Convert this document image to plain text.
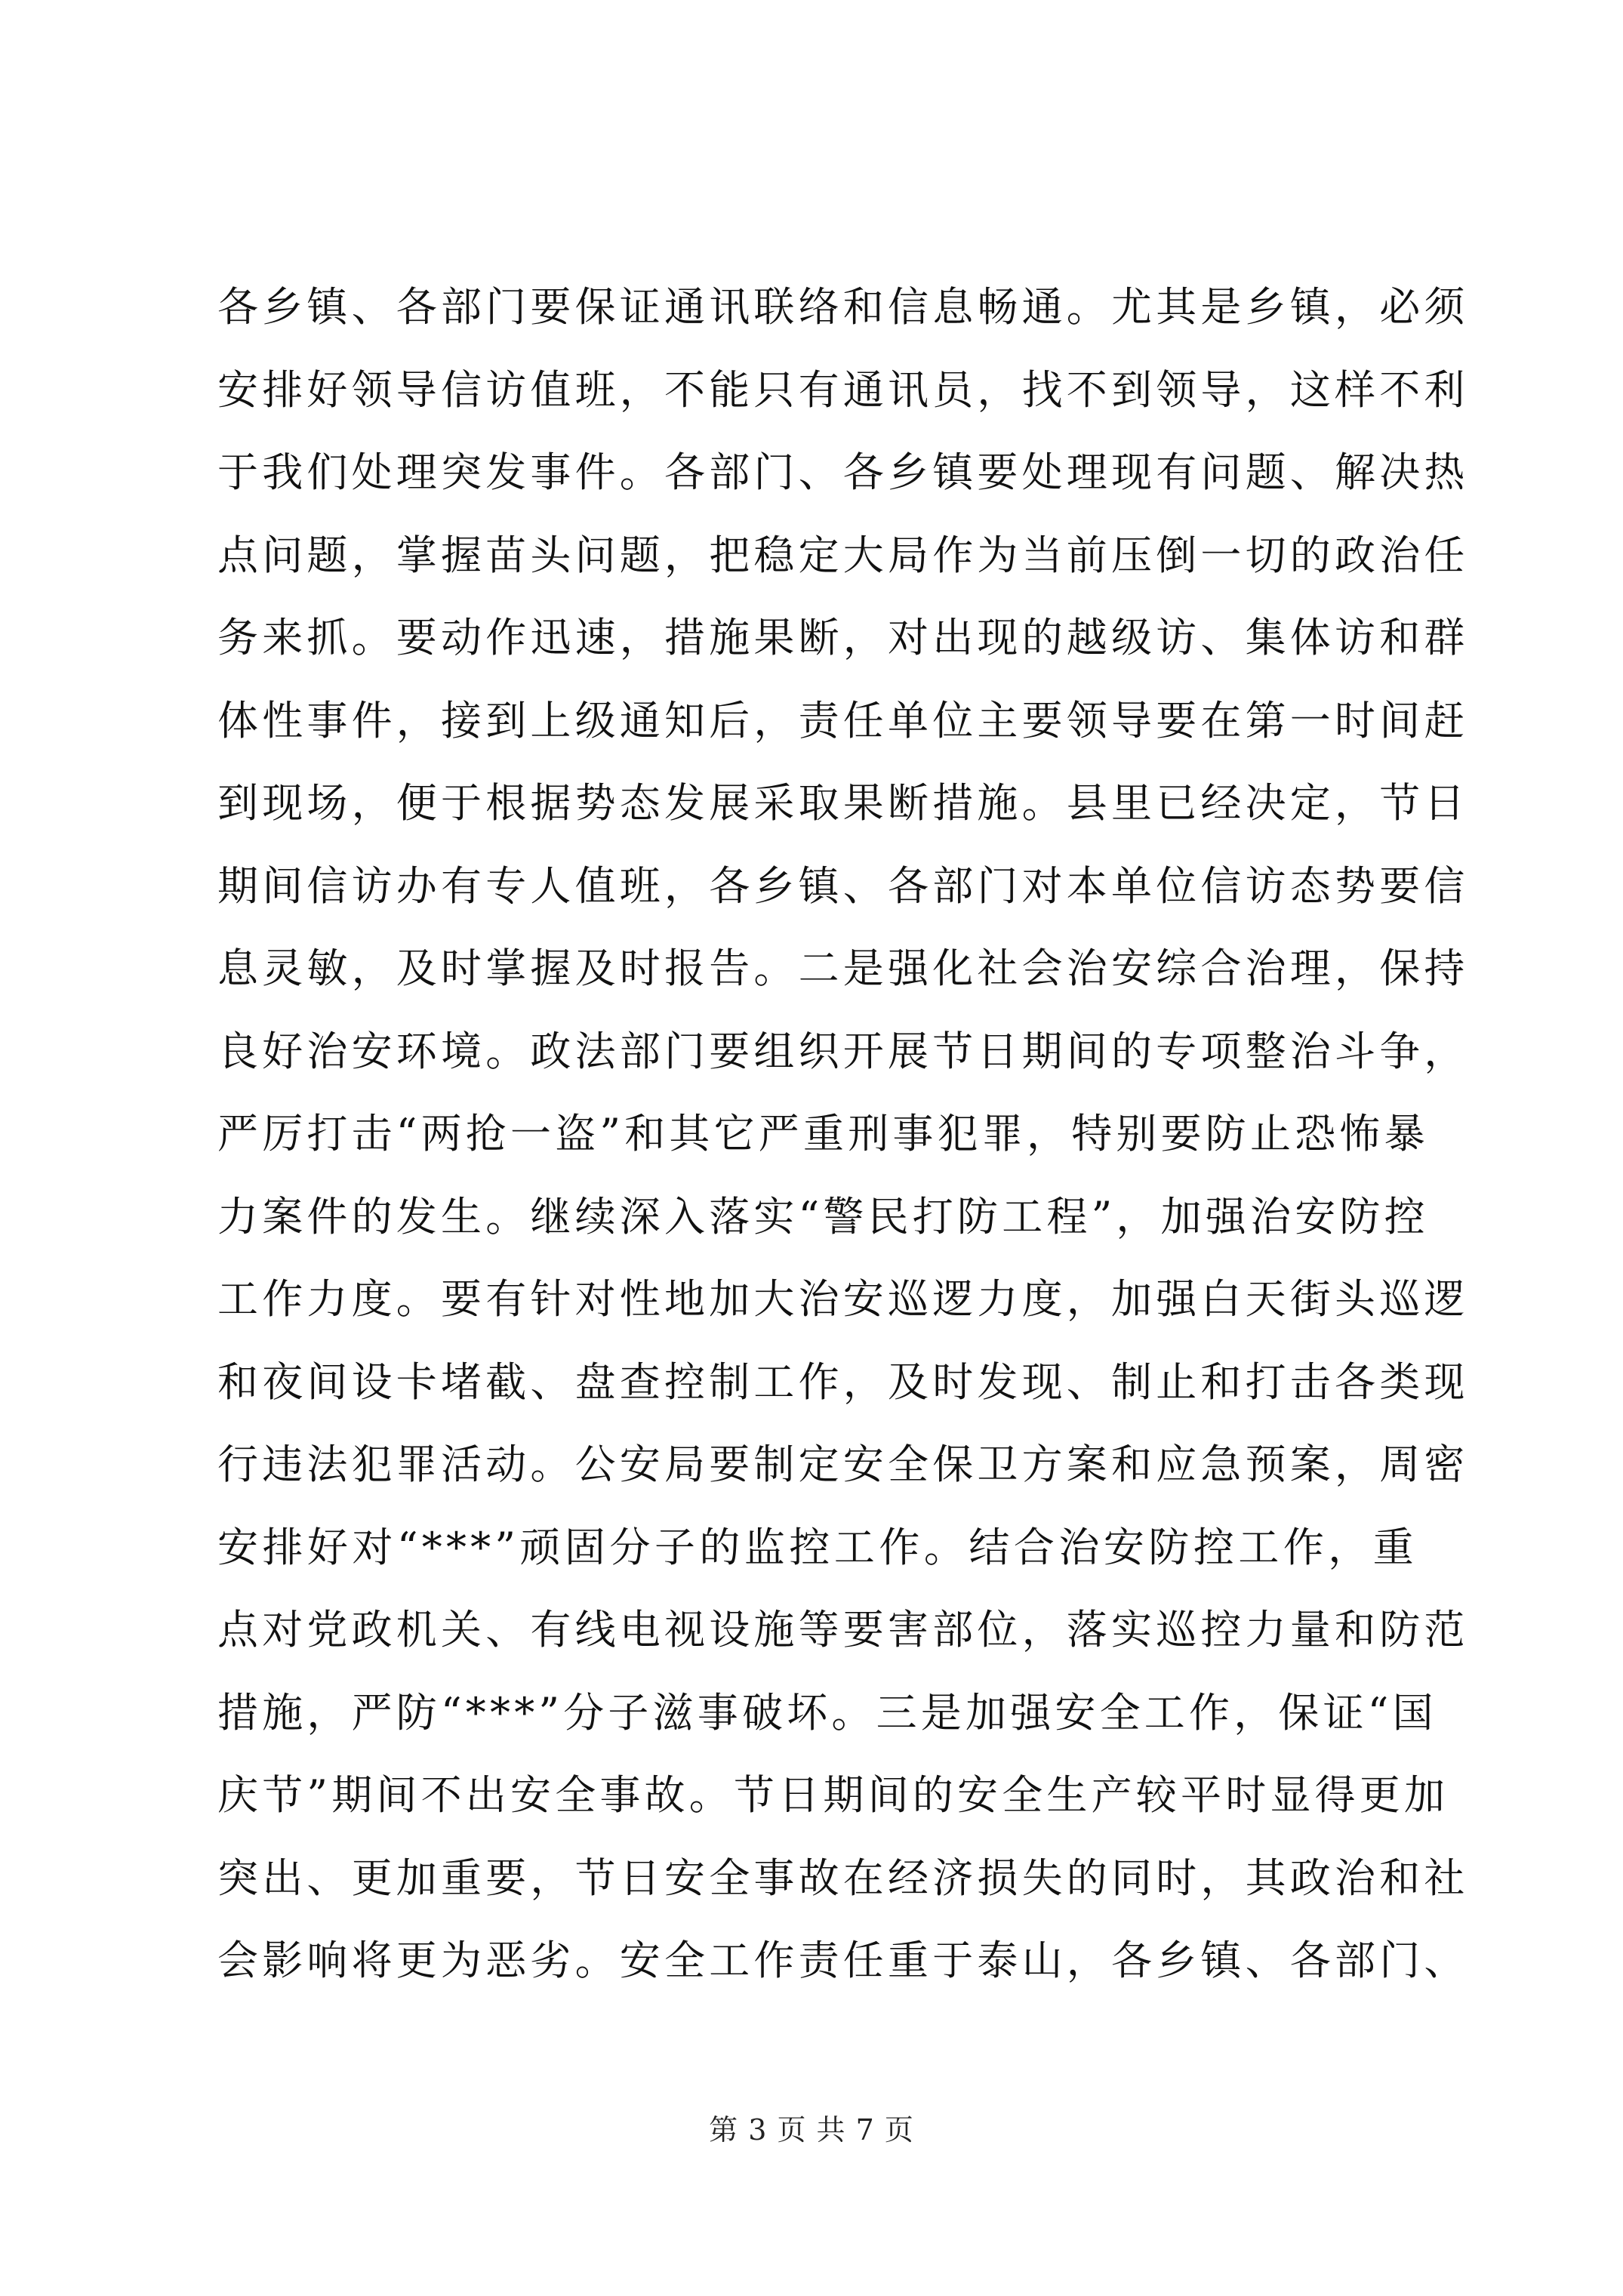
各乡镇、各部门要保证通讯联络和信息畅通。尤其是乡镇，必须
安排好领导信访值班，不能只有通讯员，找不到领导，这样不利
于我们处理突发事件。各部门、各乡镇要处理现有问题、解决热
点问题，掌握苗头问题，把稳定大局作为当前压倒一切的政治任
务来抓。要动作迅速，措施果断，对出现的越级访、集体访和群
体性事件，接到上级通知后，责任单位主要领导要在第一时间赶
到现场，便于根据势态发展采取果断措施。县里已经决定，节日
期间信访办有专人值班，各乡镇、各部门对本单位信访态势要信
息灵敏，及时掌握及时报告。二是强化社会治安综合治理，保持
良好治安环境。政法部门要组织开展节日期间的专项整治斗争，
严厉打击“两抢一盗”和其它严重刑事犯罪，特别要防止恐怖暴
力案件的发生。继续深入落实“警民打防工程”，加强治安防控
工作力度。要有针对性地加大治安巡逻力度，加强白天街头巡逻
和夜间设卡堵截、盘查控制工作，及时发现、制止和打击各类现
行违法犯罪活动。公安局要制定安全保卫方案和应急预案，周密
安排好对“***”顽固分子的监控工作。结合治安防控工作，重
点对党政机关、有线电视设施等要害部位，落实巡控力量和防范
措施，严防“***”分子滋事破坏。三是加强安全工作，保证“国
庆节”期间不出安全事故。节日期间的安全生产较平时显得更加
突出、更加重要，节日安全事故在经济损失的同时，其政治和社
会影响将更为恶劣。安全工作责任重于泰山，各乡镇、各部门、
第 3 页 共 7 页
